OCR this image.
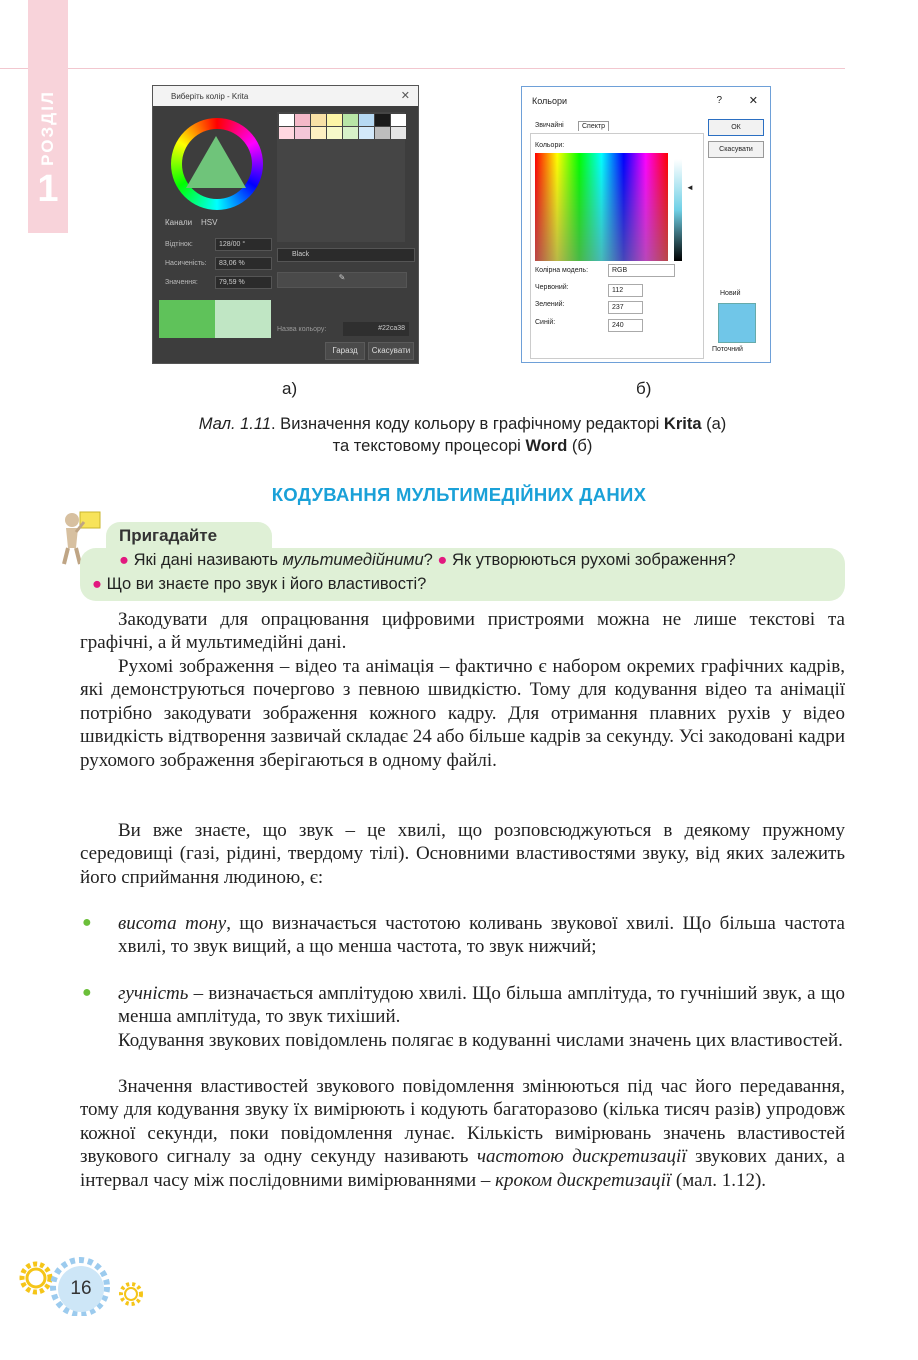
РОЗДІЛ
1
Виберіть колір - Krita	✕
Канали HSV
Відтінок:	128/00 °
Насиченість:	83,06 %
Значення:	79,59 %
Black
✎
Назва кольору:	#22ca38
Гаразд	Скасувати
Кольори	? ✕
Звичайні	Спектр
Кольори:
◄
Колірна модель:	RGB
Червоний:	112
Зелений:	237
Синій:	240
ОК
Скасувати
Новий
Поточний
а)	б)
Мал. 1.11. Визначення коду кольору в графічному редакторі Krita (а)
та текстовому процесорі Word (б)
КОДУВАННЯ МУЛЬТИМЕДІЙНИХ ДАНИХ
Пригадайте
● Які дані називають мультимедійними? ● Як утворюються рухомі зображення?
● Що ви знаєте про звук і його властивості?
Закодувати для опрацювання цифровими пристроями можна не лише текстові та графічні, а й мультимедійні дані.
Рухомі зображення – відео та анімація – фактично є набором окремих графічних кадрів, які демонструються почергово з певною швидкістю. Тому для кодування відео та анімації потрібно закодувати зображення кожного кадру. Для отримання плавних рухів у відео швидкість відтворення зазвичай складає 24 або більше кадрів за секунду. Усі закодовані кадри рухомого зображення зберігаються в одному файлі.
Ви вже знаєте, що звук – це хвилі, що розповсюджуються в деякому пружному середовищі (газі, рідині, твердому тілі). Основними властивостями звуку, від яких залежить його сприймання людиною, є:
● висота тону, що визначається частотою коливань звукової хвилі. Що більша частота хвилі, то звук вищий, а що менша частота, то звук нижчий;
● гучність – визначається амплітудою хвилі. Що більша амплітуда, то гучніший звук, а що менша амплітуда, то звук тихіший.
Кодування звукових повідомлень полягає в кодуванні числами значень цих властивостей.
Значення властивостей звукового повідомлення змінюються під час його передавання, тому для кодування звуку їх вимірюють і кодують багаторазово (кілька тисяч разів) упродовж кожної секунди, поки повідомлення лунає. Кількість вимірювань значень властивостей звукового сигналу за одну секунду називають частотою дискретизації звукових даних, а інтервал часу між послідовними вимірюваннями – кроком дискретизації (мал. 1.12).
16
